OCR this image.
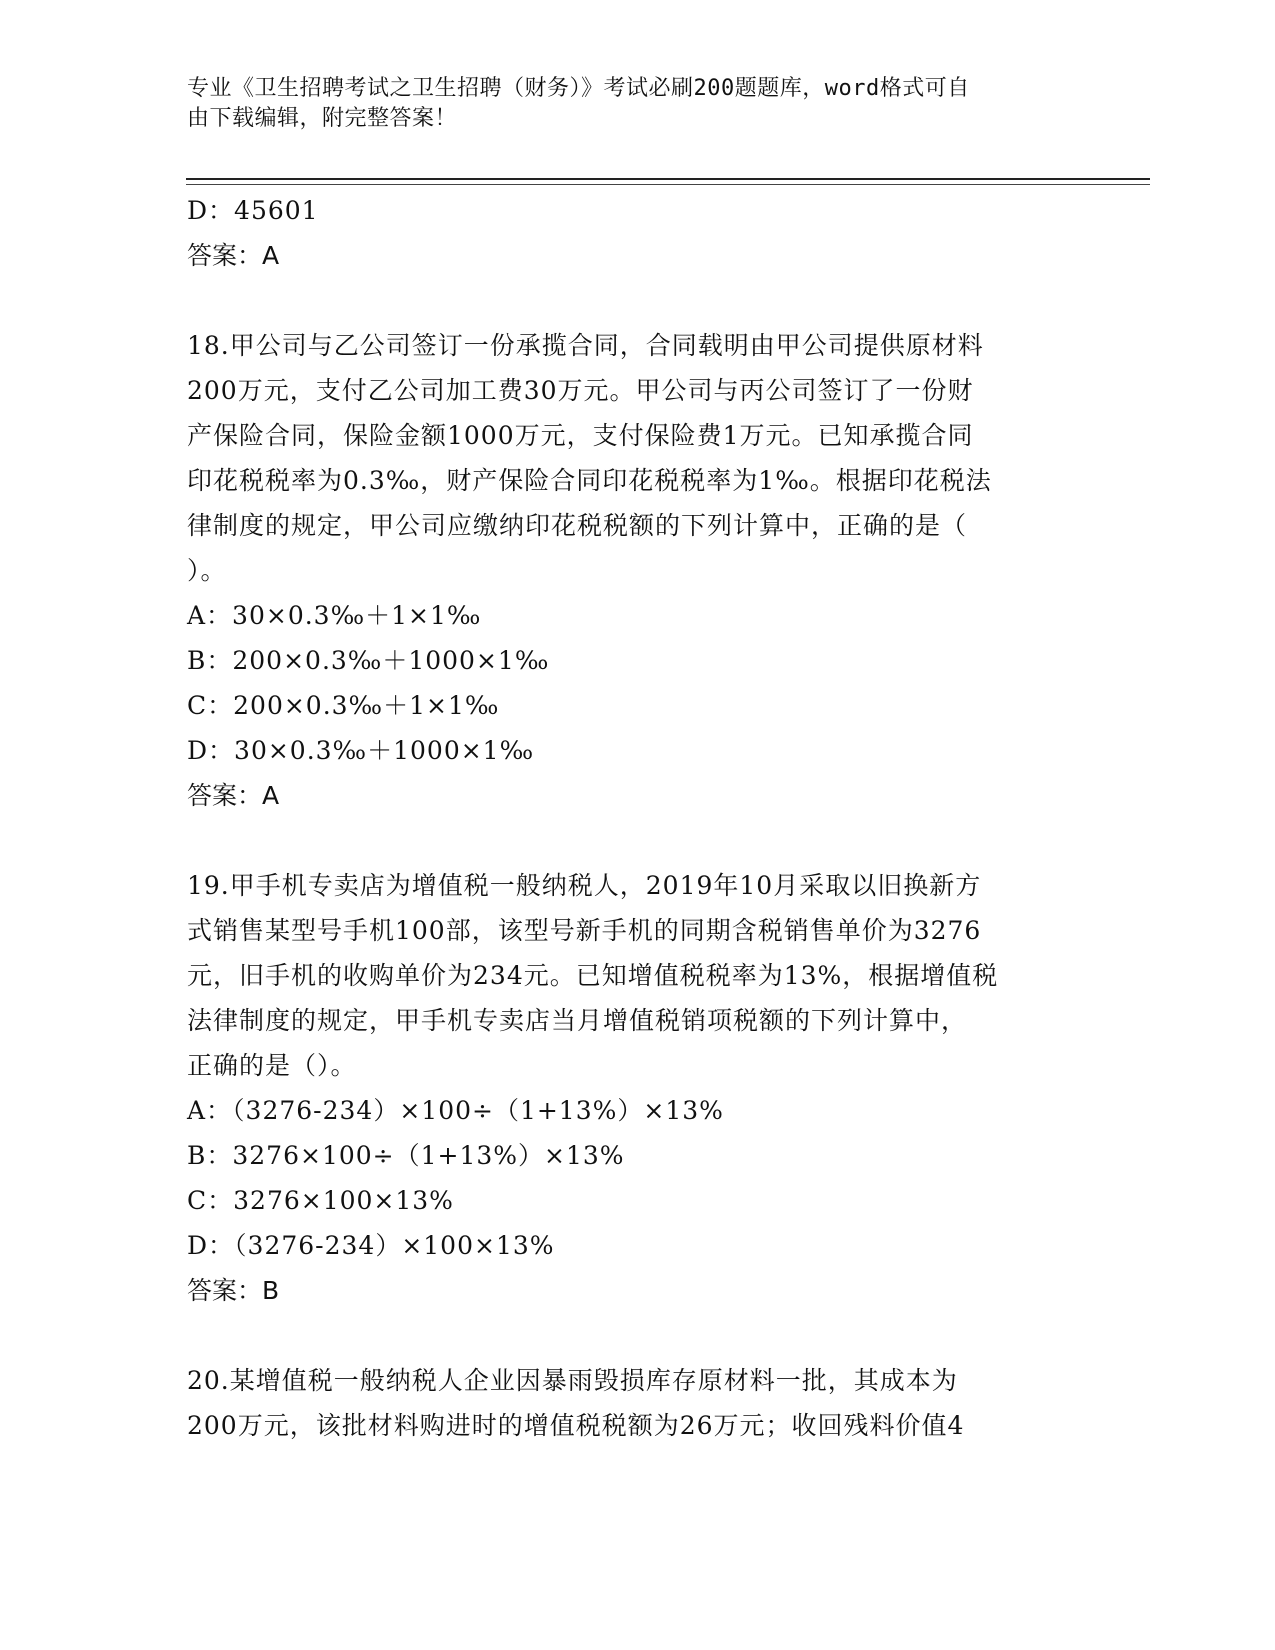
专业《卫生招聘考试之卫生招聘（财务）》考试必刷200题题库，word格式可自
由下载编辑，附完整答案！
D：45601
答案：A
18.甲公司与乙公司签订一份承揽合同，合同载明由甲公司提供原材料
200万元，支付乙公司加工费30万元。甲公司与丙公司签订了一份财
产保险合同，保险金额1000万元，支付保险费1万元。已知承揽合同
印花税税率为0.3‰，财产保险合同印花税税率为1‰。根据印花税法
律制度的规定，甲公司应缴纳印花税税额的下列计算中，正确的是（
）。
A：30×0.3‰＋1×1‰
B：200×0.3‰＋1000×1‰
C：200×0.3‰＋1×1‰
D：30×0.3‰＋1000×1‰
答案：A
19.甲手机专卖店为增值税一般纳税人，2019年10月采取以旧换新方
式销售某型号手机100部，该型号新手机的同期含税销售单价为3276
元，旧手机的收购单价为234元。已知增值税税率为13%，根据增值税
法律制度的规定，甲手机专卖店当月增值税销项税额的下列计算中，
正确的是（）。
A：（3276-234）×100÷（1+13%）×13%
B：3276×100÷（1+13%）×13%
C：3276×100×13%
D：（3276-234）×100×13%
答案：B
20.某增值税一般纳税人企业因暴雨毁损库存原材料一批，其成本为
200万元，该批材料购进时的增值税税额为26万元；收回残料价值4
